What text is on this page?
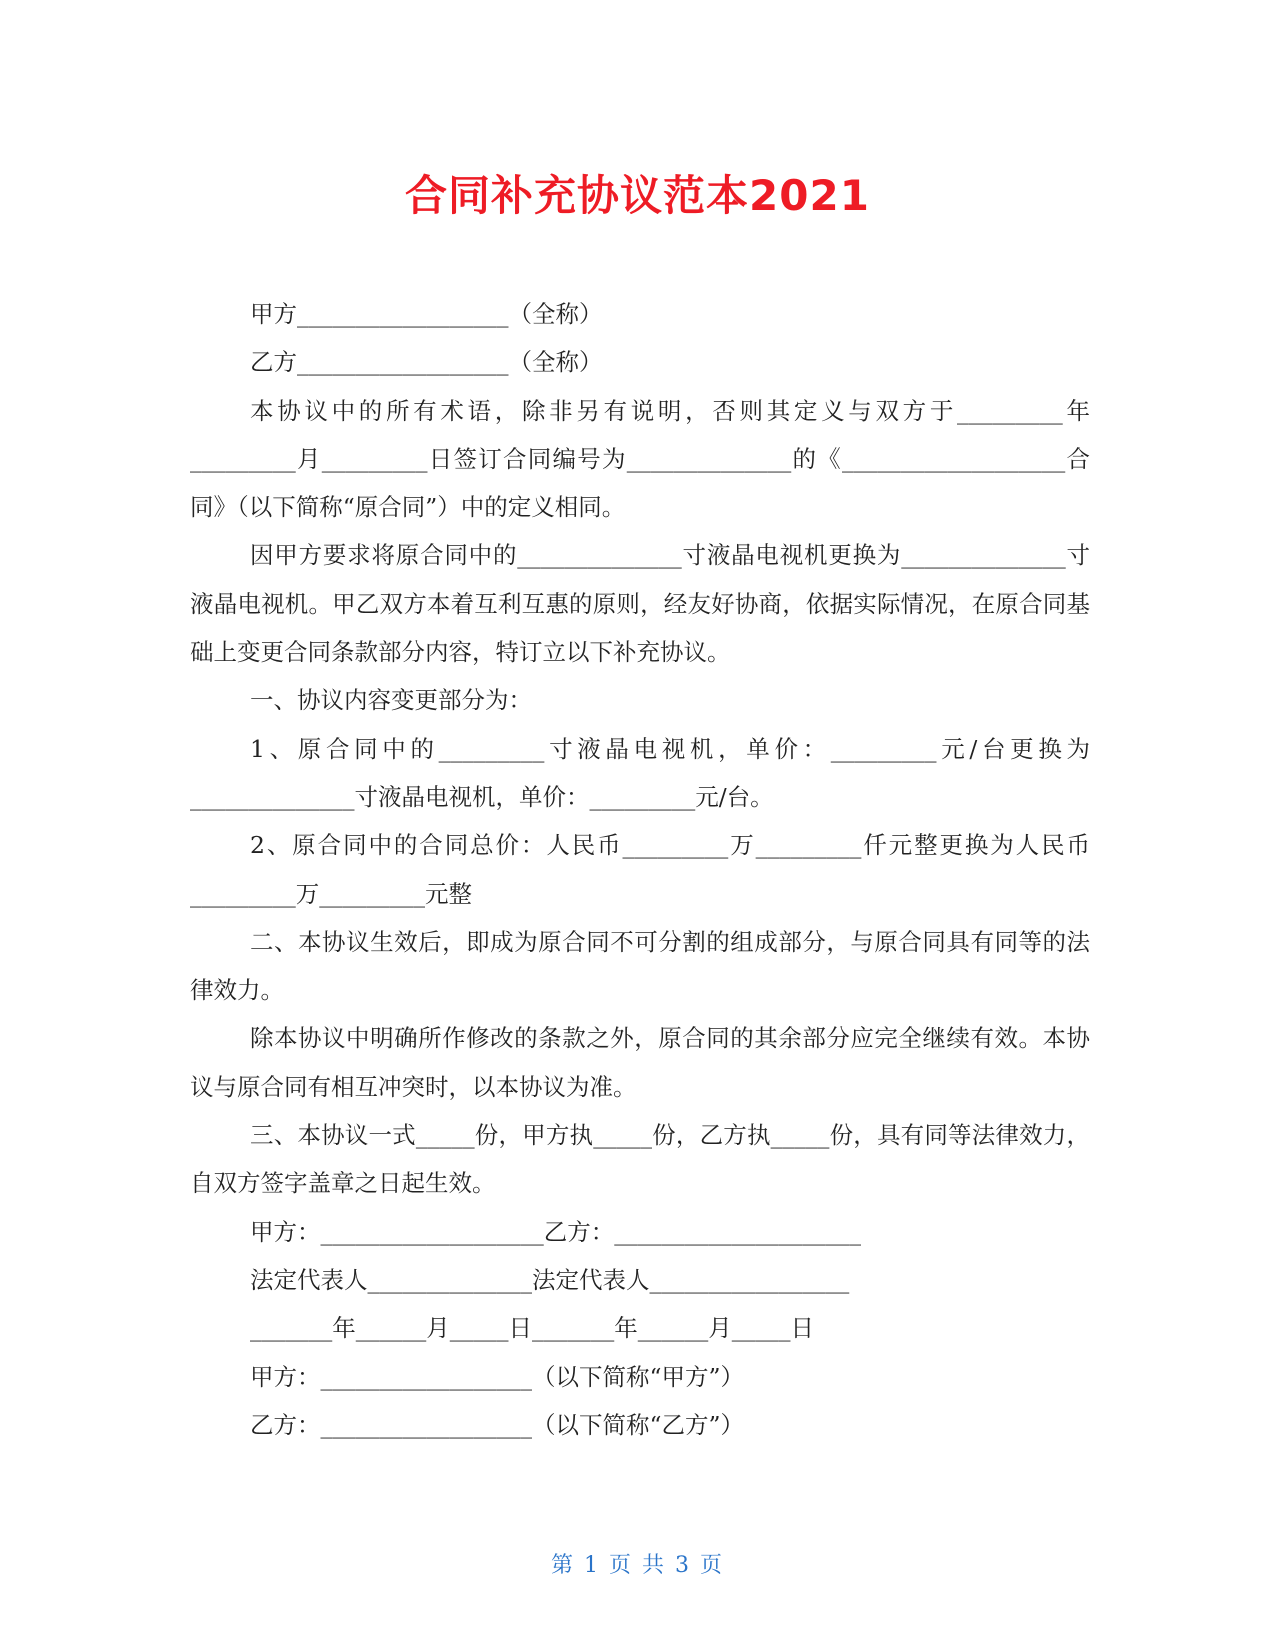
合同补充协议范本2021

甲方__________________（全称）

乙方__________________（全称）

本协议中的所有术语，除非另有说明，否则其定义与双方于_________年_________月_________日签订合同编号为______________的《___________________合同》（以下简称“原合同”）中的定义相同。

因甲方要求将原合同中的______________寸液晶电视机更换为______________寸液晶电视机。甲乙双方本着互利互惠的原则，经友好协商，依据实际情况，在原合同基础上变更合同条款部分内容，特订立以下补充协议。

一、协议内容变更部分为：

1、原合同中的_________寸液晶电视机，单价：_________元/台更换为______________寸液晶电视机，单价：_________元/台。

2、原合同中的合同总价：人民币_________万_________仟元整更换为人民币_________万_________元整

二、本协议生效后，即成为原合同不可分割的组成部分，与原合同具有同等的法律效力。

除本协议中明确所作修改的条款之外，原合同的其余部分应完全继续有效。本协议与原合同有相互冲突时，以本协议为准。

三、本协议一式_____份，甲方执_____份，乙方执_____份，具有同等法律效力，自双方签字盖章之日起生效。

甲方：___________________乙方：_____________________

法定代表人______________法定代表人_________________

_______年______月_____日_______年______月_____日

甲方：__________________（以下简称“甲方”）

乙方：__________________（以下简称“乙方”）

第 1 页 共 3 页
